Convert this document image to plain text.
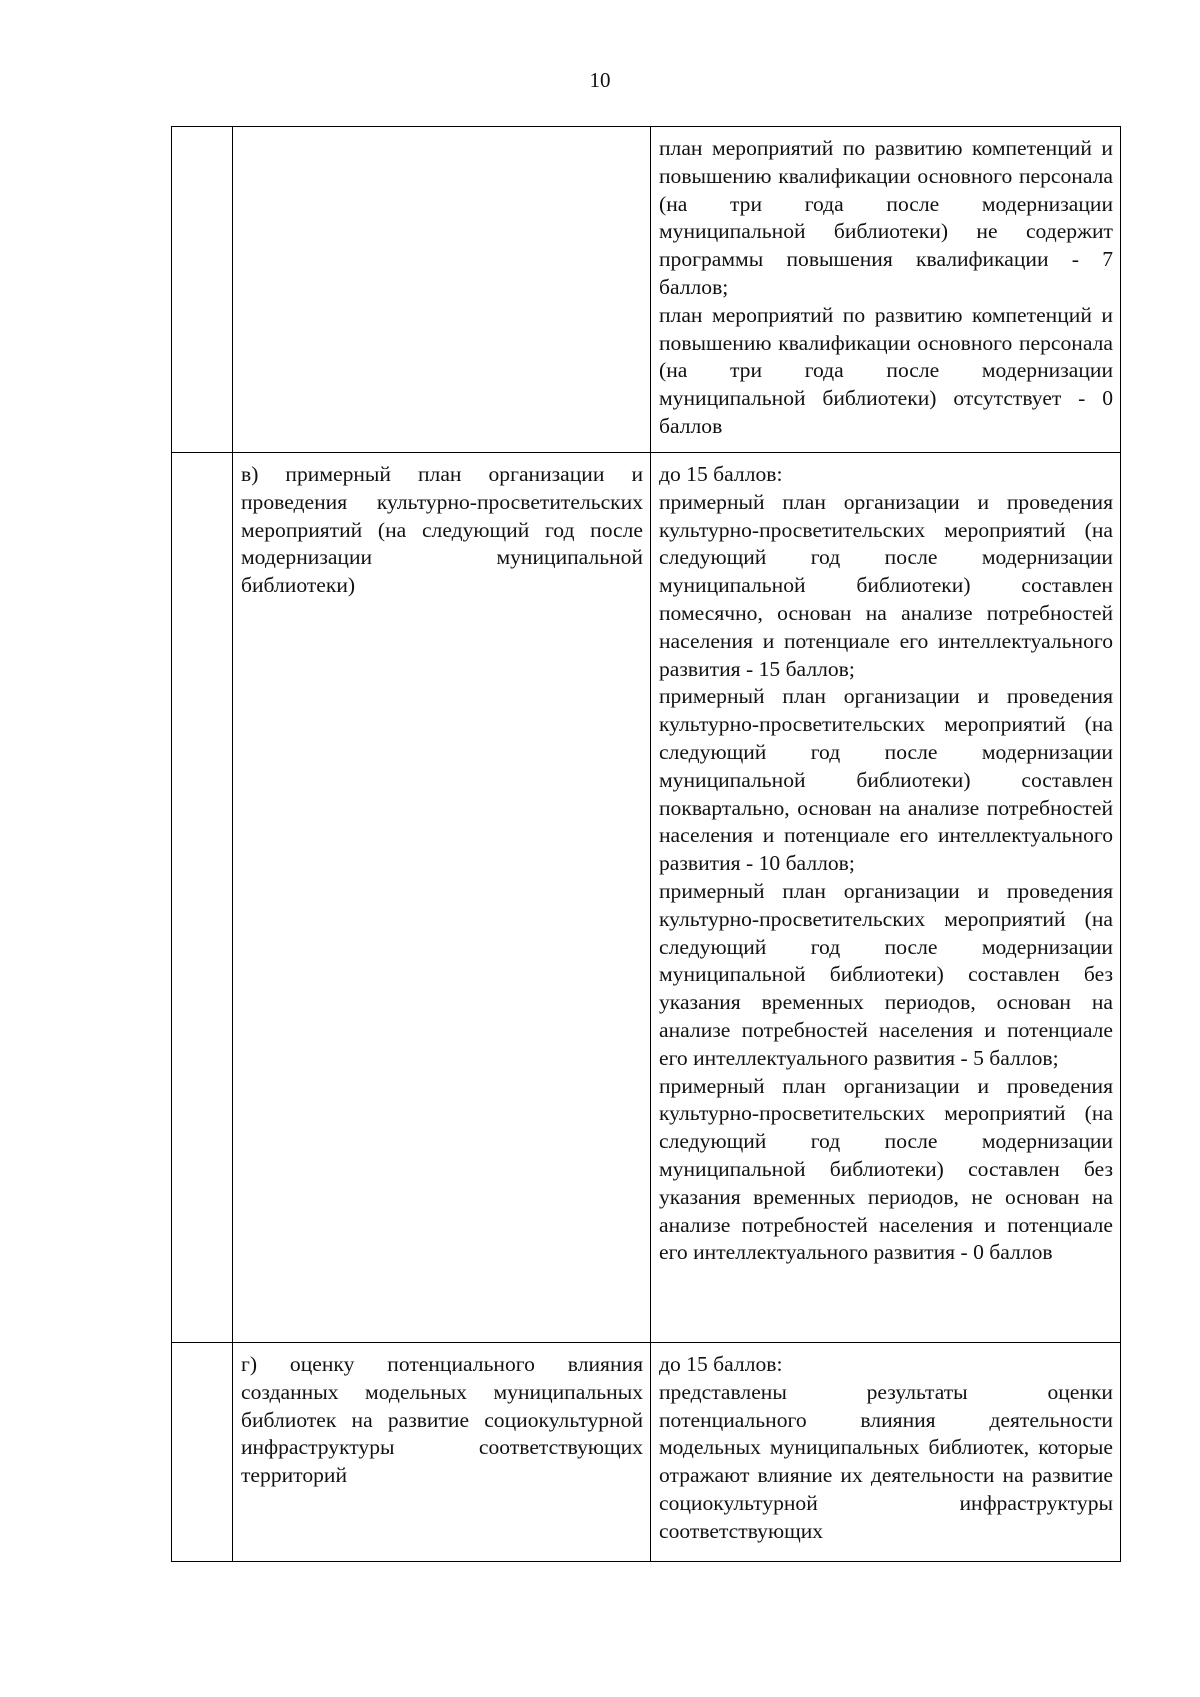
10

		план мероприятий по развитию компетенций и повышению квалификации основного персонала (на три года после модернизации муниципальной библиотеки) не содержит программы повышения квалификации - 7 баллов;

план мероприятий по развитию компетенций и повышению квалификации основного персонала (на три года после модернизации муниципальной библиотеки) отсутствует - 0 баллов

	в) примерный план организации и проведения культурно-просветительских мероприятий (на следующий год после модернизации муниципальной библиотеки)	до 15 баллов:

примерный план организации и проведения культурно-просветительских мероприятий (на следующий год после модернизации муниципальной библиотеки) составлен помесячно, основан на анализе потребностей населения и потенциале его интеллектуального развития - 15 баллов;

примерный план организации и проведения культурно-просветительских мероприятий (на следующий год после модернизации муниципальной библиотеки) составлен поквартально, основан на анализе потребностей населения и потенциале его интеллектуального развития - 10 баллов;

примерный план организации и проведения культурно-просветительских мероприятий (на следующий год после модернизации муниципальной библиотеки) составлен без указания временных периодов, основан на анализе потребностей населения и потенциале его интеллектуального развития - 5 баллов;

примерный план организации и проведения культурно-просветительских мероприятий (на следующий год после модернизации муниципальной библиотеки) составлен без указания временных периодов, не основан на анализе потребностей населения и потенциале его интеллектуального развития - 0 баллов

	г) оценку потенциального влияния созданных модельных муниципальных библиотек на развитие социокультурной инфраструктуры соответствующих территорий	до 15 баллов:

представлены результаты оценки потенциального влияния деятельности модельных муниципальных библиотек, которые отражают влияние их деятельности на развитие социокультурной инфраструктуры соответствующих
